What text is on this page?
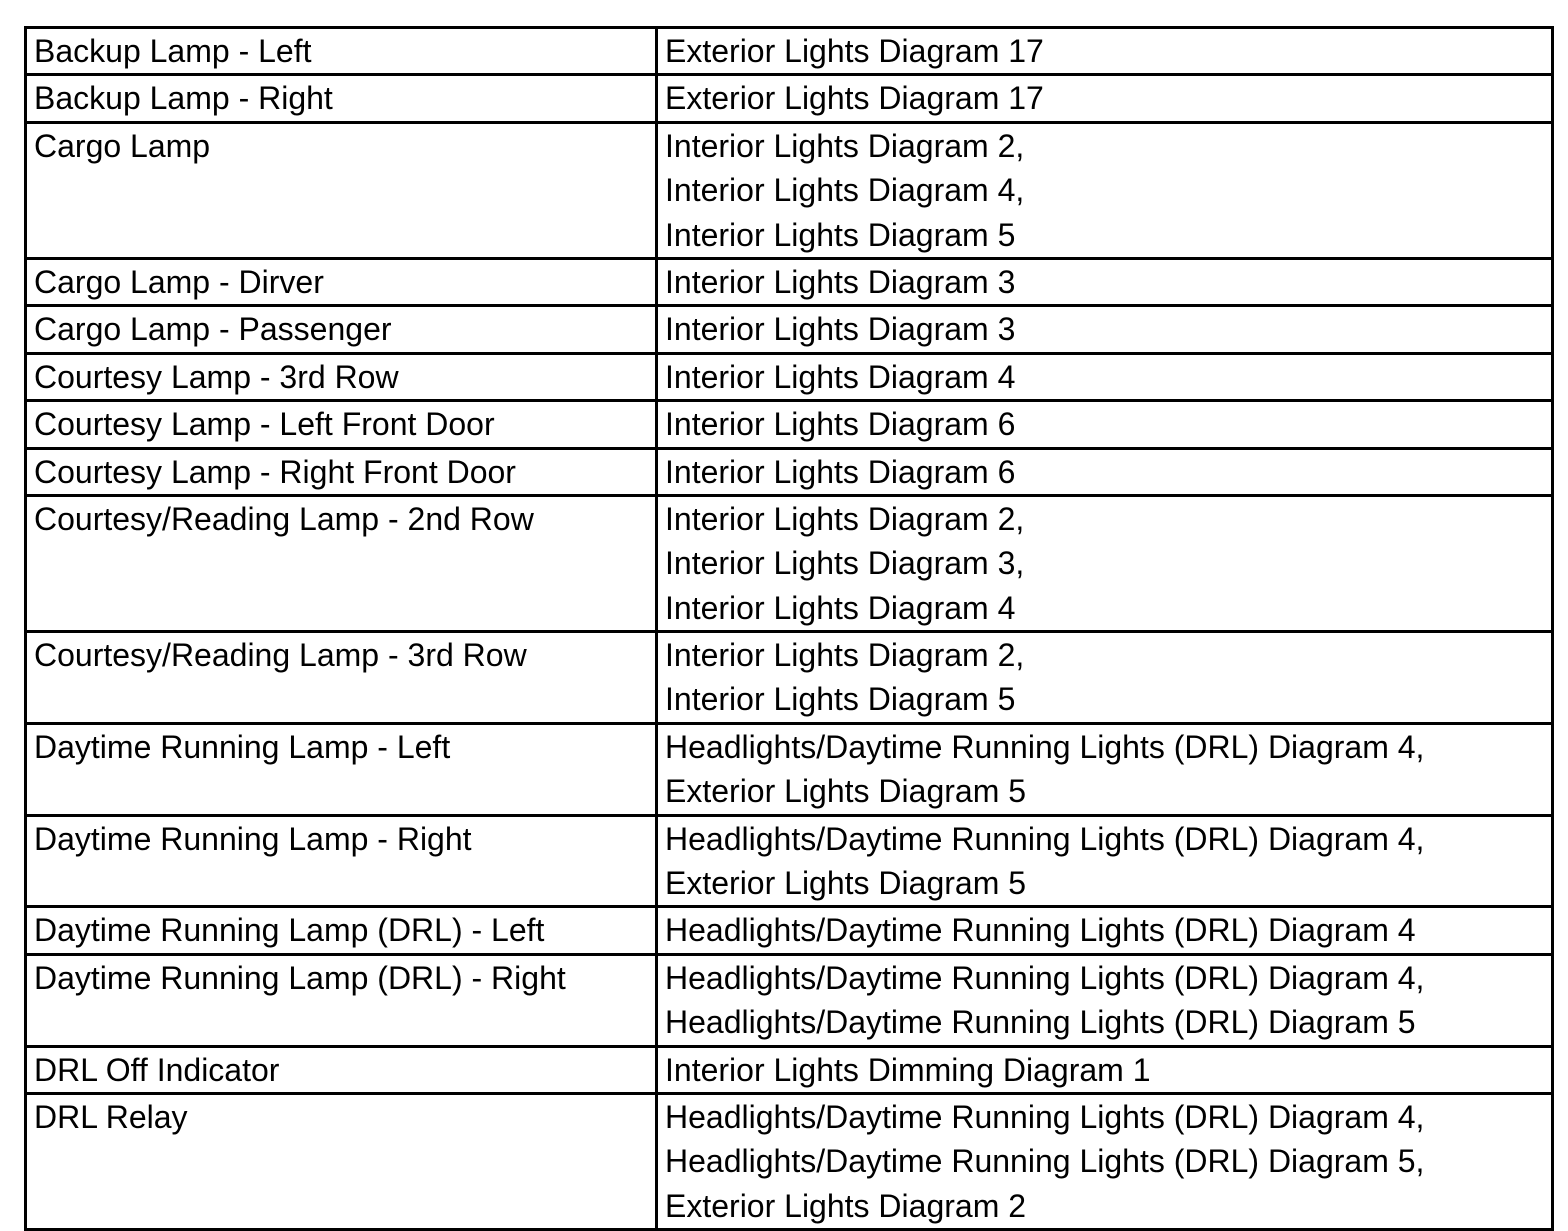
Backup Lamp - Left	Exterior Lights Diagram 17

Backup Lamp - Right	Exterior Lights Diagram 17

Cargo Lamp	Interior Lights Diagram 2,
Interior Lights Diagram 4,
Interior Lights Diagram 5

Cargo Lamp - Dirver	Interior Lights Diagram 3

Cargo Lamp - Passenger	Interior Lights Diagram 3

Courtesy Lamp - 3rd Row	Interior Lights Diagram 4

Courtesy Lamp - Left Front Door	Interior Lights Diagram 6

Courtesy Lamp - Right Front Door	Interior Lights Diagram 6

Courtesy/Reading Lamp - 2nd Row	Interior Lights Diagram 2,
Interior Lights Diagram 3,
Interior Lights Diagram 4

Courtesy/Reading Lamp - 3rd Row	Interior Lights Diagram 2,
Interior Lights Diagram 5

Daytime Running Lamp - Left	Headlights/Daytime Running Lights (DRL) Diagram 4,
Exterior Lights Diagram 5

Daytime Running Lamp - Right	Headlights/Daytime Running Lights (DRL) Diagram 4,
Exterior Lights Diagram 5

Daytime Running Lamp (DRL) - Left	Headlights/Daytime Running Lights (DRL) Diagram 4

Daytime Running Lamp (DRL) - Right	Headlights/Daytime Running Lights (DRL) Diagram 4,
Headlights/Daytime Running Lights (DRL) Diagram 5

DRL Off Indicator	Interior Lights Dimming Diagram 1

DRL Relay	Headlights/Daytime Running Lights (DRL) Diagram 4,
Headlights/Daytime Running Lights (DRL) Diagram 5,
Exterior Lights Diagram 2
